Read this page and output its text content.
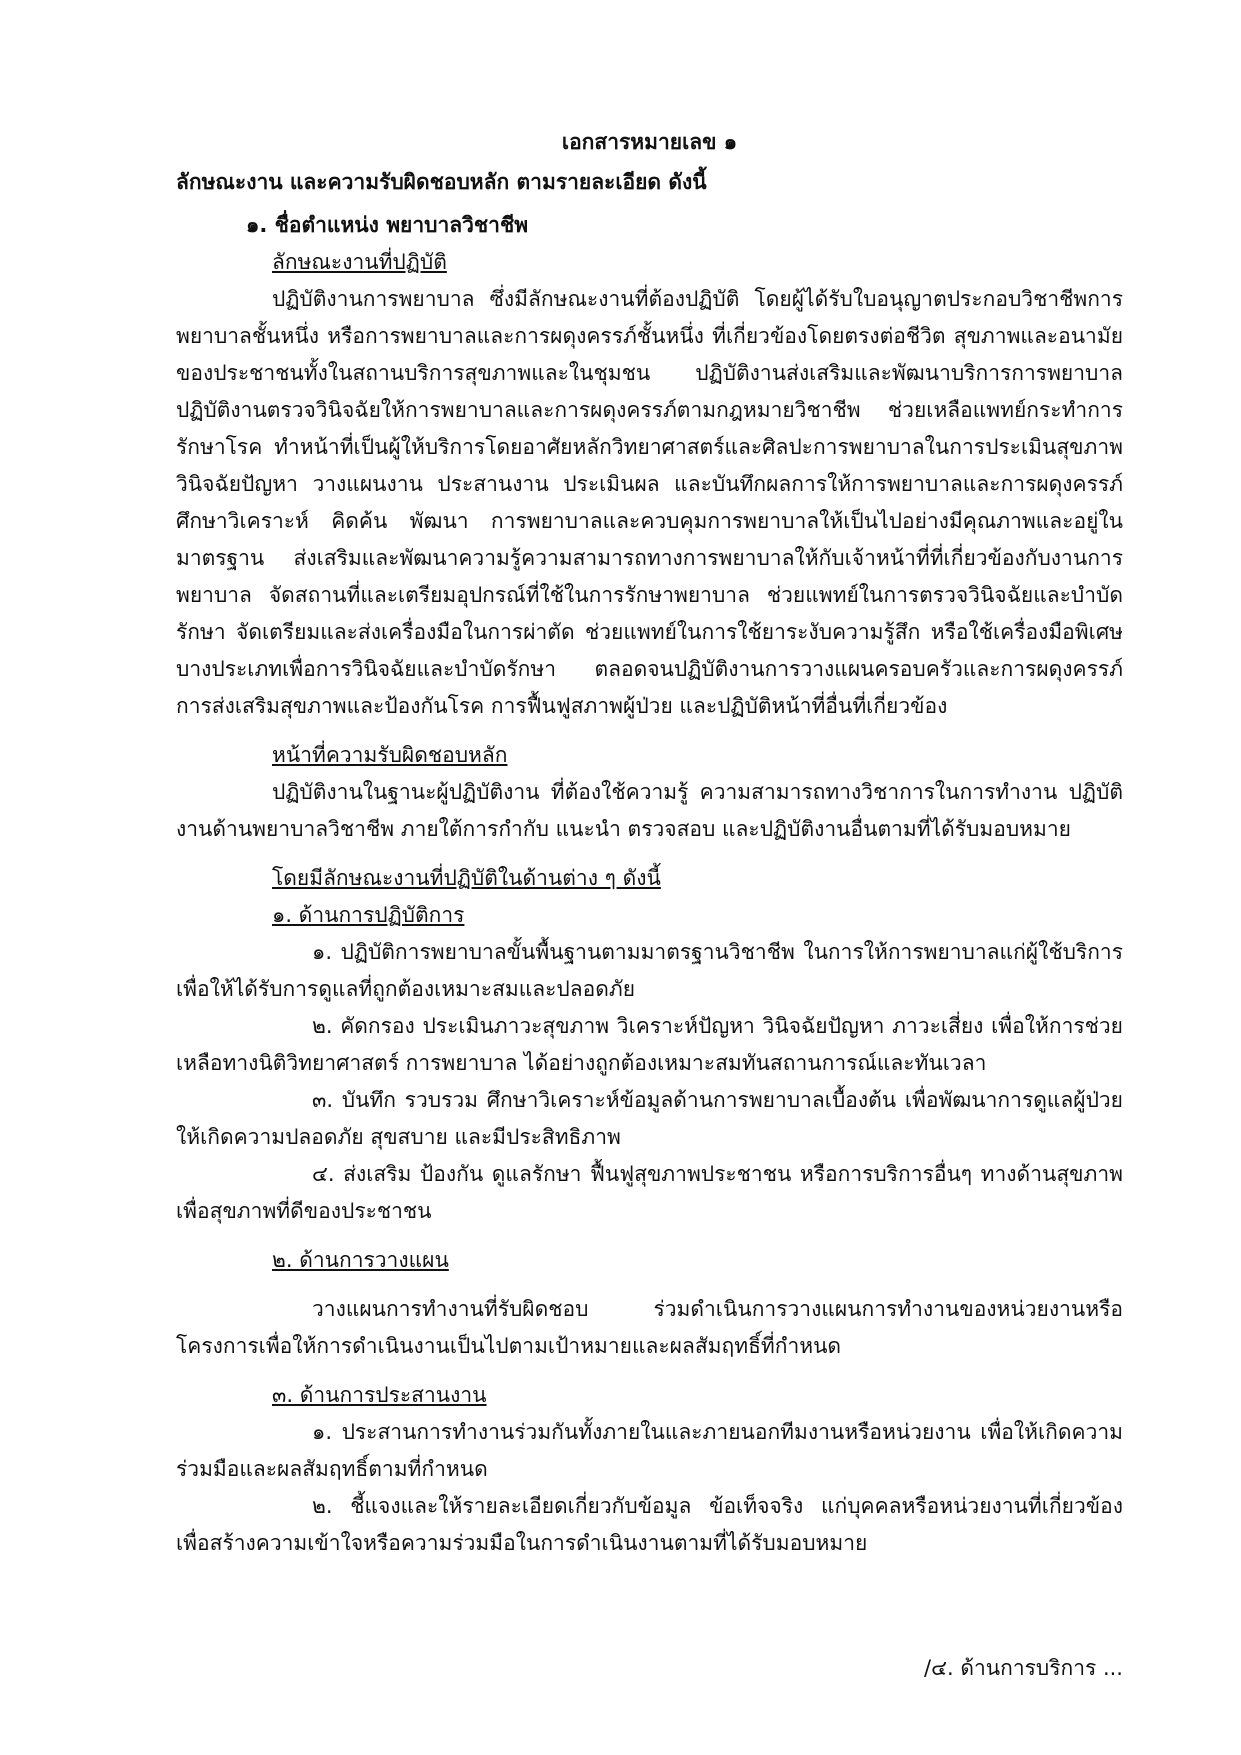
เอกสารหมายเลข ๑

ลักษณะงาน และความรับผิดชอบหลัก ตามรายละเอียด ดังนี้

๑. ชื่อตำแหน่ง พยาบาลวิชาชีพ

ลักษณะงานที่ปฏิบัติ

ปฏิบัติงานการพยาบาล ซึ่งมีลักษณะงานที่ต้องปฏิบัติ โดยผู้ได้รับใบอนุญาตประกอบวิชาชีพการพยาบาลชั้นหนึ่ง หรือการพยาบาลและการผดุงครรภ์ชั้นหนึ่ง ที่เกี่ยวข้องโดยตรงต่อชีวิต สุขภาพและอนามัยของประชาชนทั้งในสถานบริการสุขภาพและในชุมชน ปฏิบัติงานส่งเสริมและพัฒนาบริการการพยาบาล ปฏิบัติงานตรวจวินิจฉัยให้การพยาบาลและการผดุงครรภ์ตามกฎหมายวิชาชีพ ช่วยเหลือแพทย์กระทำการรักษาโรค ทำหน้าที่เป็นผู้ให้บริการโดยอาศัยหลักวิทยาศาสตร์และศิลปะการพยาบาลในการประเมินสุขภาพ วินิจฉัยปัญหา วางแผนงาน ประสานงาน ประเมินผล และบันทึกผลการให้การพยาบาลและการผดุงครรภ์ ศึกษาวิเคราะห์ คิดค้น พัฒนา การพยาบาลและควบคุมการพยาบาลให้เป็นไปอย่างมีคุณภาพและอยู่ในมาตรฐาน ส่งเสริมและพัฒนาความรู้ความสามารถทางการพยาบาลให้กับเจ้าหน้าที่ที่เกี่ยวข้องกับงานการพยาบาล จัดสถานที่และเตรียมอุปกรณ์ที่ใช้ในการรักษาพยาบาล ช่วยแพทย์ในการตรวจวินิจฉัยและบำบัดรักษา จัดเตรียมและส่งเครื่องมือในการผ่าตัด ช่วยแพทย์ในการใช้ยาระงับความรู้สึก หรือใช้เครื่องมือพิเศษบางประเภทเพื่อการวินิจฉัยและบำบัดรักษา ตลอดจนปฏิบัติงานการวางแผนครอบครัวและการผดุงครรภ์ การส่งเสริมสุขภาพและป้องกันโรค การฟื้นฟูสภาพผู้ป่วย และปฏิบัติหน้าที่อื่นที่เกี่ยวข้อง

หน้าที่ความรับผิดชอบหลัก

ปฏิบัติงานในฐานะผู้ปฏิบัติงาน ที่ต้องใช้ความรู้ ความสามารถทางวิชาการในการทำงาน ปฏิบัติงานด้านพยาบาลวิชาชีพ ภายใต้การกำกับ แนะนำ ตรวจสอบ และปฏิบัติงานอื่นตามที่ได้รับมอบหมาย

โดยมีลักษณะงานที่ปฏิบัติในด้านต่าง ๆ ดังนี้

๑. ด้านการปฏิบัติการ

๑. ปฏิบัติการพยาบาลขั้นพื้นฐานตามมาตรฐานวิชาชีพ ในการให้การพยาบาลแก่ผู้ใช้บริการเพื่อให้ได้รับการดูแลที่ถูกต้องเหมาะสมและปลอดภัย

๒. คัดกรอง ประเมินภาวะสุขภาพ วิเคราะห์ปัญหา วินิจฉัยปัญหา ภาวะเสี่ยง เพื่อให้การช่วยเหลือทางนิติวิทยาศาสตร์ การพยาบาล ได้อย่างถูกต้องเหมาะสมทันสถานการณ์และทันเวลา

๓. บันทึก รวบรวม ศึกษาวิเคราะห์ข้อมูลด้านการพยาบาลเบื้องต้น เพื่อพัฒนาการดูแลผู้ป่วยให้เกิดความปลอดภัย สุขสบาย และมีประสิทธิภาพ

๔. ส่งเสริม ป้องกัน ดูแลรักษา ฟื้นฟูสุขภาพประชาชน หรือการบริการอื่นๆ ทางด้านสุขภาพเพื่อสุขภาพที่ดีของประชาชน

๒. ด้านการวางแผน

วางแผนการทำงานที่รับผิดชอบ ร่วมดำเนินการวางแผนการทำงานของหน่วยงานหรือโครงการเพื่อให้การดำเนินงานเป็นไปตามเป้าหมายและผลสัมฤทธิ์ที่กำหนด

๓. ด้านการประสานงาน

๑. ประสานการทำงานร่วมกันทั้งภายในและภายนอกทีมงานหรือหน่วยงาน เพื่อให้เกิดความร่วมมือและผลสัมฤทธิ์ตามที่กำหนด

๒. ชี้แจงและให้รายละเอียดเกี่ยวกับข้อมูล ข้อเท็จจริง แก่บุคคลหรือหน่วยงานที่เกี่ยวข้องเพื่อสร้างความเข้าใจหรือความร่วมมือในการดำเนินงานตามที่ได้รับมอบหมาย

/๔. ด้านการบริการ ...
